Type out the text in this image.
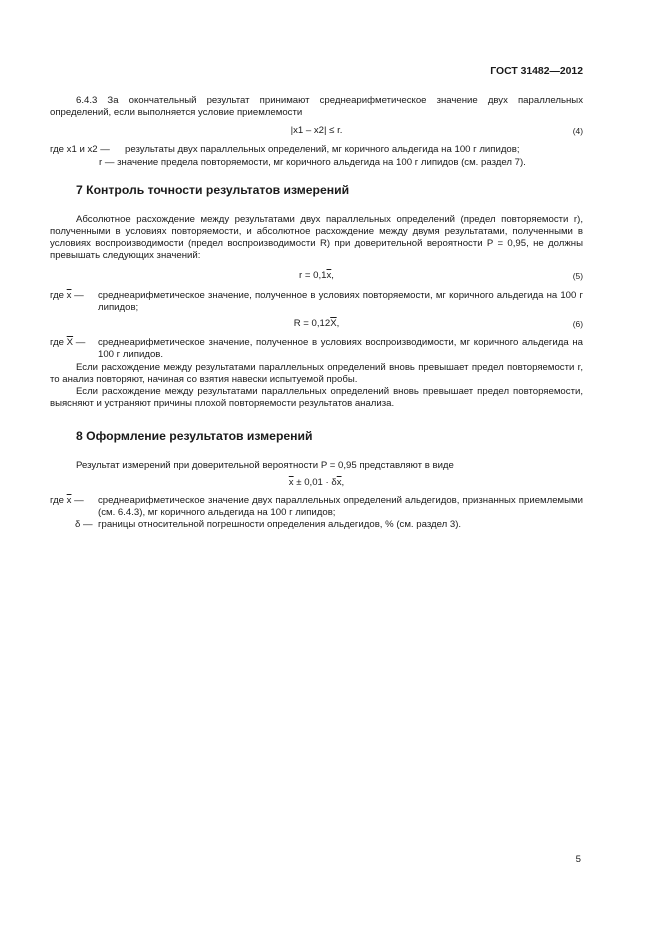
ГОСТ 31482—2012
6.4.3 За окончательный результат принимают среднеарифметическое значение двух параллельных определений, если выполняется условие приемлемости
|x1 – x2| ≤ r.	(4)
где x1 и x2 — результаты двух параллельных определений, мг коричного альдегида на 100 г липидов;
r — значение предела повторяемости, мг коричного альдегида на 100 г липидов (см. раздел 7).
7 Контроль точности результатов измерений
Абсолютное расхождение между результатами двух параллельных определений (предел повторяемости r), полученными в условиях повторяемости, и абсолютное расхождение между двумя результатами, полученными в условиях воспроизводимости (предел воспроизводимости R) при доверительной вероятности P = 0,95, не должны превышать следующих значений:
$r = 0,1\overline{x}$,	(5)
где $\overline{x}$ — среднеарифметическое значение, полученное в условиях повторяемости, мг коричного альдегида на 100 г липидов;
$R = 0,12\overline{X}$,	(6)
где $\overline{X}$ — среднеарифметическое значение, полученное в условиях воспроизводимости, мг коричного альдегида на 100 г липидов.
Если расхождение между результатами параллельных определений вновь превышает предел повторяемости r, то анализ повторяют, начиная со взятия навески испытуемой пробы.
Если расхождение между результатами параллельных определений вновь превышает предел повторяемости, выясняют и устраняют причины плохой повторяемости результатов анализа.
8 Оформление результатов измерений
Результат измерений при доверительной вероятности P = 0,95 представляют в виде
$\overline{x} \pm 0,01 \cdot \delta\overline{x}$,
где $\overline{x}$ — среднеарифметическое значение двух параллельных определений альдегидов, признанных приемлемыми (см. 6.4.3), мг коричного альдегида на 100 г липидов;
δ — границы относительной погрешности определения альдегидов, % (см. раздел 3).
5
